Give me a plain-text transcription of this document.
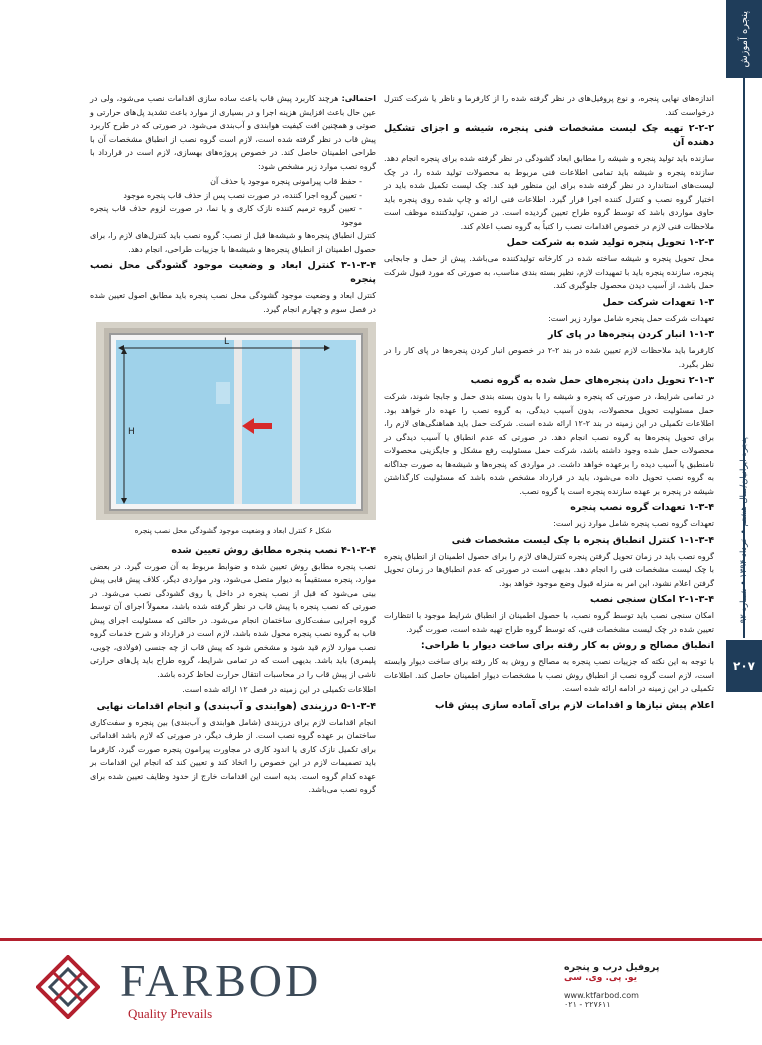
پنجره آموزش
پنجره ایرانیان/سال هشتم • خرداد ۱۳۹۴ • شماره ۹۲
۲۰۷

اندازه‌های نهایی پنجره، و نوع پروفیل‌های در نظر گرفته شده را از کارفرما و ناظر یا شرکت کنترل درخواست کند.

۲-۲-۲ تهیه چک لیست مشخصات فنی پنجره، شیشه و اجزای تشکیل دهنده آن

سازنده باید تولید پنجره و شیشه را مطابق ابعاد گشودگی در نظر گرفته شده برای پنجره انجام دهد. سازنده پنجره و شیشه باید تمامی اطلاعات فنی مربوط به محصولات تولید شده را، در چک لیست‌های استاندارد در نظر گرفته شده برای این منظور قید کند. چک لیست تکمیل شده باید در اختیار گروه نصب و کنترل کننده اجرا قرار گیرد. اطلاعات فنی ارائه و چاپ شده روی پنجره باید حاوی مواردی باشد که توسط گروه طراح تعیین گردیده است. در ضمن، تولیدکننده موظف است ملاحظات فنی لازم در خصوص اقدامات نصب را کتباً به گروه نصب اعلام کند.

۱-۲-۳ تحویل پنجره تولید شده به شرکت حمل

محل تحویل پنجره و شیشه ساخته شده در کارخانه تولیدکننده می‌باشد. پیش از حمل و جابجایی پنجره، سازنده پنجره باید با تمهیدات لازم، نظیر بسته بندی مناسب، به صورتی که مورد قبول شرکت حمل باشد، از آسیب دیدن محصول جلوگیری کند.

۱-۳ تعهدات شرکت حمل

تعهدات شرکت حمل پنجره شامل موارد زیر است:

۱-۱-۳ انبار کردن پنجره‌ها در پای کار

کارفرما باید ملاحظات لازم تعیین شده در بند ۲-۲ در خصوص انبار کردن پنجره‌ها در پای کار را در نظر بگیرد.

۲-۱-۳ تحویل دادن پنجره‌های حمل شده به گروه نصب

در تمامی شرایط، در صورتی که پنجره و شیشه را با بدون بسته بندی حمل و جابجا شوند، شرکت حمل مسئولیت تحویل محصولات، بدون آسیب دیدگی، به گروه نصب را عهده دار خواهد بود. اطلاعات تکمیلی در این زمینه در بند ۲-۱۲ ارائه شده است. شرکت حمل باید هماهنگی‌های لازم را، برای تحویل پنجره‌ها به گروه نصب انجام دهد. در صورتی که عدم انطباق یا آسیب دیدگی در محصولات حمل شده وجود داشته باشد، شرکت حمل مسئولیت رفع مشکل و جایگزینی محصولات نامنطبق یا آسیب دیده را برعهده خواهد داشت. در مواردی که پنجره‌ها و شیشه‌ها به صورت جداگانه به گروه نصب تحویل داده می‌شود، باید در قرارداد مشخص شده باشد که مسئولیت کارگذاشتن شیشه در پنجره بر عهده سازنده پنجره است یا گروه نصب.

۱-۳-۴ تعهدات گروه نصب پنجره

تعهدات گروه نصب پنجره شامل موارد زیر است:

۱-۱-۳-۴ کنترل انطباق پنجره با چک لیست مشخصات فنی

گروه نصب باید در زمان تحویل گرفتن پنجره کنترل‌های لازم را برای حصول اطمینان از انطباق پنجره با چک لیست مشخصات فنی را انجام دهد. بدیهی است در صورتی که عدم انطباق‌ها در زمان تحویل گرفتن اعلام نشود، این امر به منزله قبول وضع موجود خواهد بود.

۲-۱-۳-۴ امکان سنجی نصب

امکان سنجی نصب باید توسط گروه نصب، با حصول اطمینان از انطباق شرایط موجود با انتظارات تعیین شده در چک لیست مشخصات فنی، که توسط گروه طراح تهیه شده است، صورت گیرد.

انطباق مصالح و روش به کار رفته برای ساخت دیوار با طراحی:

با توجه به این نکته که جزییات نصب پنجره به مصالح و روش به کار رفته برای ساخت دیوار وابسته است، لازم است گروه نصب از انطباق روش نصب با مشخصات دیوار اطمینان حاصل کند. اطلاعات تکمیلی در این زمینه در ادامه ارائه شده است.

اعلام پیش نیازها و اقدامات لازم برای آماده سازی پیش قاب

احتمالی: هرچند کاربرد پیش قاب باعث ساده سازی اقدامات نصب می‌شود، ولی در عین حال باعث افزایش هزینه اجرا و در بسیاری از موارد باعث تشدید پل‌های حرارتی و صوتی و همچنین افت کیفیت هوابندی و آب‌بندی می‌شود. در صورتی که در طرح کاربرد پیش قاب در نظر گرفته شده است، لازم است گروه نصب از انطباق مشخصات آن با طراحی اطمینان حاصل کند. در خصوص پروژه‌های بهسازی، لازم است در قرارداد با گروه نصب موارد زیر مشخص شود:

- حفظ قاب پیرامونی پنجره موجود یا حذف آن
- تعیین گروه اجرا کننده، در صورت نصب پس از حذف قاب پنجره موجود
- تعیین گروه ترمیم کننده نازک کاری و یا نما، در صورت لزوم حذف قاب پنجره موجود

کنترل انطباق پنجره‌ها و شیشه‌ها قبل از نصب: گروه نصب باید کنترل‌های لازم را، برای حصول اطمینان از انطباق پنجره‌ها و شیشه‌ها با جزییات طراحی، انجام دهد.

۳-۱-۳-۴ کنترل ابعاد و وضعیت موجود گشودگی محل نصب پنجره

کنترل ابعاد و وضعیت موجود گشودگی محل نصب پنجره باید مطابق اصول تعیین شده در فصل سوم و چهارم انجام گیرد.

L
H
شکل ۶ کنترل ابعاد و وضعیت موجود گشودگی محل نصب پنجره
۴-۱-۳-۴ نصب پنجره مطابق روش تعیین شده

نصب پنجره مطابق روش تعیین شده و ضوابط مربوط به آن صورت گیرد. در بعضی موارد، پنجره مستقیماً به دیوار متصل می‌شود، ودر مواردی دیگر، کلاف پیش قابی پیش بینی می‌شود که قبل از نصب پنجره در داخل یا روی گشودگی نصب می‌شود. در صورتی که نصب پنجره با پیش قاب در نظر گرفته شده باشد، معمولاً اجرای آن توسط گروه اجرایی سفت‌کاری ساختمان انجام می‌شود. در حالتی که مسئولیت اجرای پیش قاب به گروه نصب پنجره محول شده باشد، لازم است در قرارداد و شرح خدمات گروه نصب موارد لازم قید شود و مشخص شود که پیش قاب از چه جنسی (فولادی، چوبی، پلیمری) باید باشد. بدیهی است که در تمامی شرایط، گروه طراح باید پل‌های حرارتی ناشی از پیش قاب را در محاسبات انتقال حرارت لحاظ کرده باشد.

اطلاعات تکمیلی در این زمینه در فصل ۱۲ ارائه شده است.

۵-۱-۳-۴ درزبندی (هوابندی و آب‌بندی) و انجام اقدامات نهایی

انجام اقدامات لازم برای درزبندی (شامل هوابندی و آب‌بندی) بین پنجره و سفت‌کاری ساختمان بر عهده گروه نصب است. از طرف دیگر، در صورتی که لازم باشد اقداماتی برای تکمیل نازک کاری یا اندود کاری در مجاورت پیرامون پنجره صورت گیرد، کارفرما باید تصمیمات لازم در این خصوص را اتخاذ کند و تعیین کند که انجام این اقدامات بر عهده کدام گروه است. بدیه است این اقدامات خارج از حدود وظایف تعیین شده برای گروه نصب می‌باشد.

FARBOD
Quality Prevails
پروفیل درب و پنجره
یو. پی. وی. سی
www.ktfarbod.com
۰۲۱ - ۲۲۷۶۱۱
